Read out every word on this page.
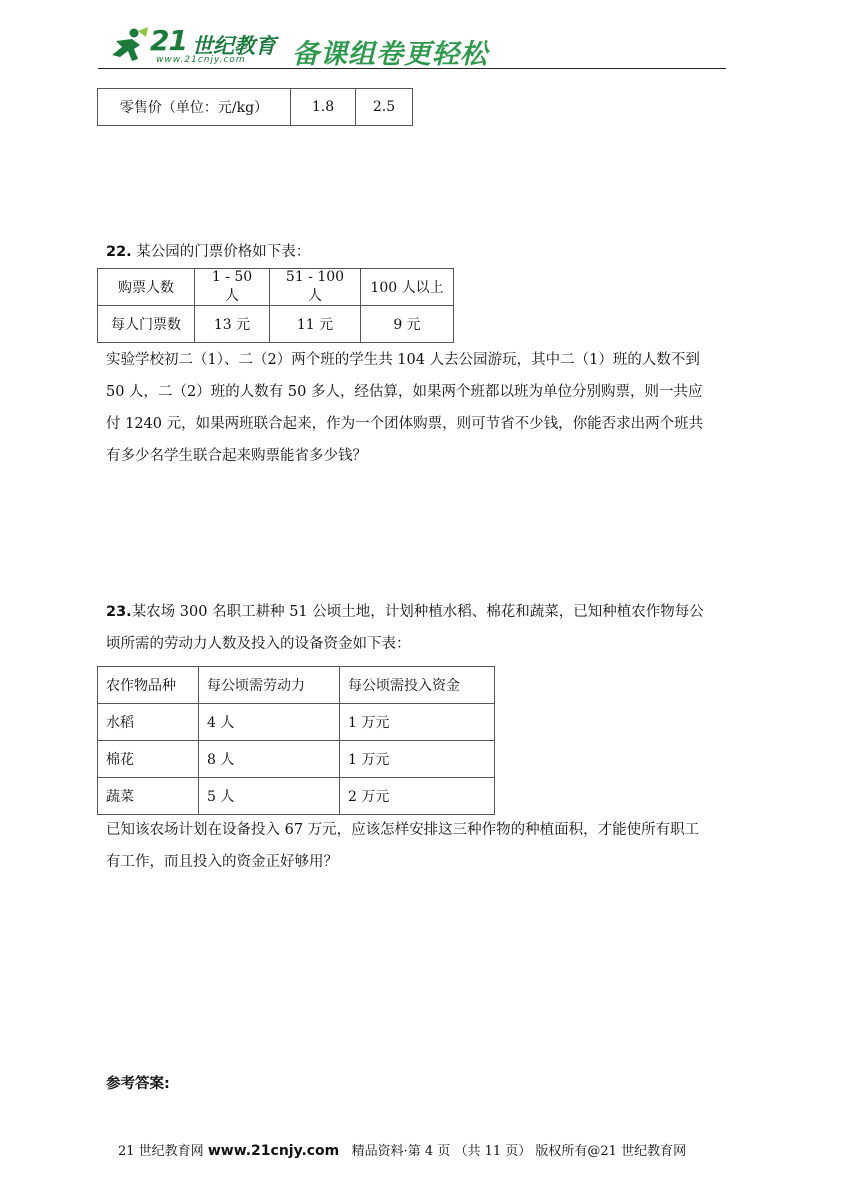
21 世纪教育
www.21cnjy.com 备课组卷更轻松
零售价（单位：元/kg）	1.8	2.5
22. 某公园的门票价格如下表：
购票人数	1 - 50 人	51 - 100 人	100 人以上
每人门票数	13 元	11 元	9 元
实验学校初二（1）、二（2）两个班的学生共 104 人去公园游玩，其中二（1）班的人数不到
50 人，二（2）班的人数有 50 多人，经估算，如果两个班都以班为单位分别购票，则一共应
付 1240 元，如果两班联合起来，作为一个团体购票，则可节省不少钱，你能否求出两个班共
有多少名学生联合起来购票能省多少钱？
23.某农场 300 名职工耕种 51 公顷土地，计划种植水稻、棉花和蔬菜，已知种植农作物每公
顷所需的劳动力人数及投入的设备资金如下表：
农作物品种	每公顷需劳动力	每公顷需投入资金
水稻	4 人	1 万元
棉花	8 人	1 万元
蔬菜	5 人	2 万元
已知该农场计划在设备投入 67 万元，应该怎样安排这三种作物的种植面积，才能使所有职工
有工作，而且投入的资金正好够用？
参考答案:
21 世纪教育网 www.21cnjy.com 精品资料·第 4 页 （共 11 页） 版权所有@21 世纪教育网
